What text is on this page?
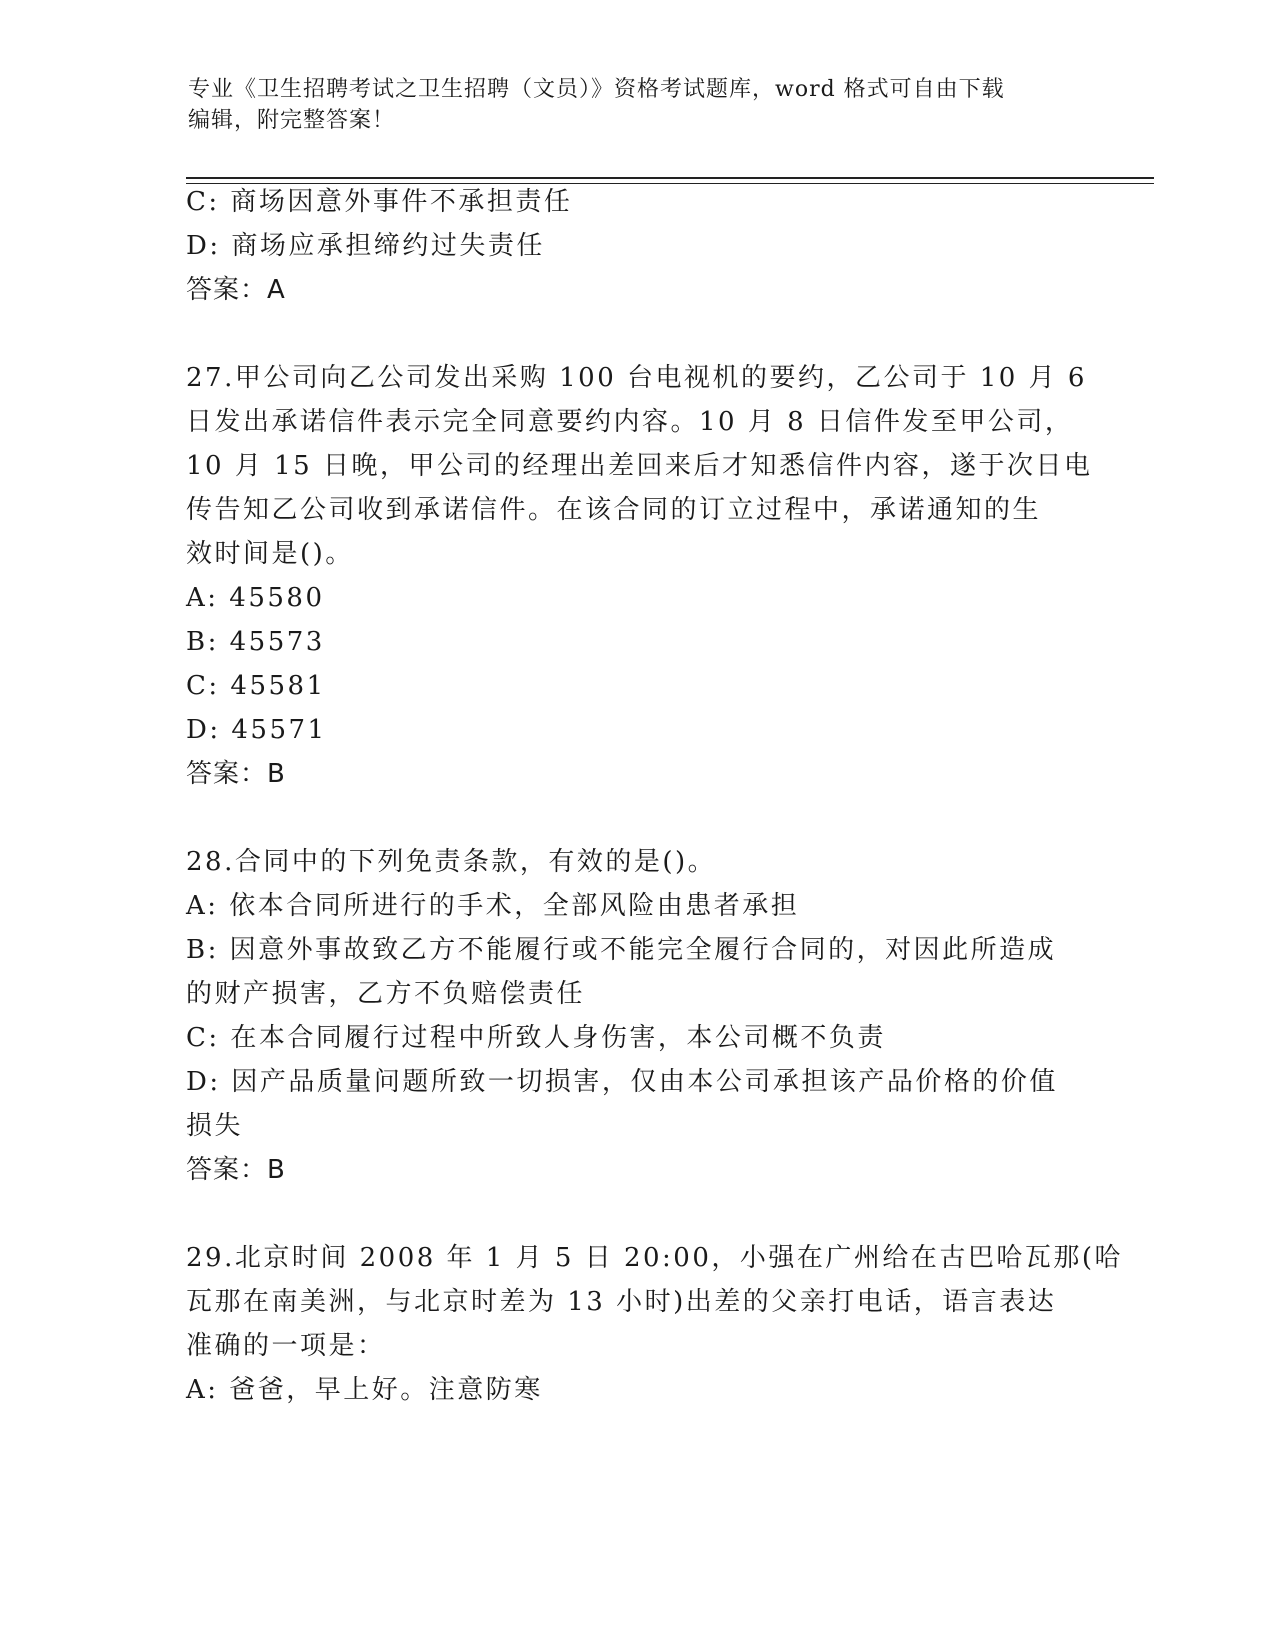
专业《卫生招聘考试之卫生招聘（文员）》资格考试题库，word 格式可自由下载
编辑，附完整答案！
C: 商场因意外事件不承担责任
D: 商场应承担缔约过失责任
答案：A
27.甲公司向乙公司发出采购 100 台电视机的要约，乙公司于 10 月 6
日发出承诺信件表示完全同意要约内容。10 月 8 日信件发至甲公司，
10 月 15 日晚，甲公司的经理出差回来后才知悉信件内容，遂于次日电
传告知乙公司收到承诺信件。在该合同的订立过程中，承诺通知的生
效时间是()。
A: 45580
B: 45573
C: 45581
D: 45571
答案：B
28.合同中的下列免责条款，有效的是()。
A: 依本合同所进行的手术，全部风险由患者承担
B: 因意外事故致乙方不能履行或不能完全履行合同的，对因此所造成
的财产损害，乙方不负赔偿责任
C: 在本合同履行过程中所致人身伤害，本公司概不负责
D: 因产品质量问题所致一切损害，仅由本公司承担该产品价格的价值
损失
答案：B
29.北京时间 2008 年 1 月 5 日 20:00，小强在广州给在古巴哈瓦那(哈
瓦那在南美洲，与北京时差为 13 小时)出差的父亲打电话，语言表达
准确的一项是：
A: 爸爸，早上好。注意防寒
